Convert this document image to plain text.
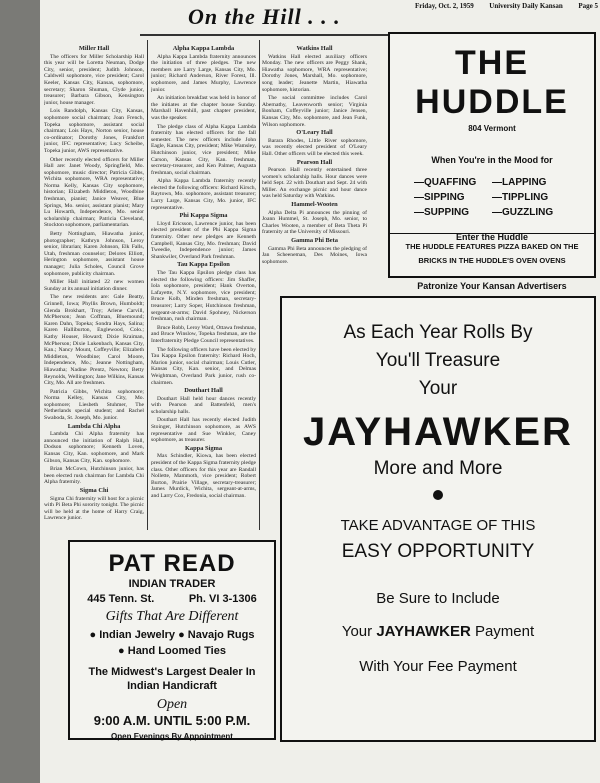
Friday, Oct. 2, 1959 University Daily Kansan Page 5
On the Hill . . .
Miller Hall

The officers for Miller Scholarship Hall this year will be Loretta Neuman, Dodge City, senior, president; Judith Johnson, Caldwell sophomore, vice president; Carol Keeler, Kansas City, Kansas, sophomore, secretary; Sharon Shuman, Clyde junior, treasurer; Barbara Gibson, Kensington junior, house manager.

Lois Randolph, Kansas City, Kansas, sophomore social chairman; Joan French, Topeka sophomore, assistant social chairman; Lois Hays, Norton senior, house co-ordinator; Dorothy Jones, Frankfort junior, IFC representative; Lucy Scheibe, Topeka junior, AWS representative.

Other recently elected officers for Miller Hall are: Janet Woody, Springfield, Mo. sophomore, music director; Patricia Gibbs, Wichita sophomore, WRA representative; Norma Kelly, Kansas City sophomore, historian; Elizabeth Middleton, Woodbine freshman, pianist; Janice Weaver, Blue Springs, Mo. senior, assistant pianist; Mary Lu Howarth, Independence, Mo. senior scholarship chairman; Patricia Cleveland, Stockton sophomore, parliamentarian.

Betty Nottingham, Hiawatha junior, photographer; Kathryn Johnson, Leroy senior, librarian; Karen Johnson, Elk Falls, Utah, freshman counselor; Delores Elliott, Herington sophomore, assistant house manager; Julia Scholes, Council Grove sophomore, publicity chairman.

Miller Hall initiated 22 new women Sunday at its annual initiation dinner.

The new residents are: Gale Beatty, Grinnell, Iowa; Phyllis Brown, Humboldt; Glenda Brokhart, Troy; Arlene Carvill, McPherson; Jean Coffman, Bluemound; Karen Dahn, Topeka; Sondra Hays, Salina; Karen Halliburton, Englewood, Colo.; Kathy Houser, Howard; Dixie Kraiman, McPherson; Dixie Lukenbach, Kansas City, Kan.; Nancy Mount, Coffeyville; Elizabeth Middleton, Woodbine; Carol Moore, Independence, Mo.; Jeanne Nottingham, Hiawatha; Nadine Prentz, Newton; Betty Reynolds, Wellington; Jane Wilkins, Kansas City, Mo. All are freshmen.

Patricia Gibbs, Wichita sophomore; Norma Kelley, Kansas City, Mo. sophomore; Liesbeth Stuhmer, The Netherlands special student; and Rachel Swaboda, St. Joseph, Mo. junior.

Lambda Chi Alpha

Lambda Chi Alpha fraternity has announced the initiation of Ralph Hall, Dodson sophomore; Kenneth Loven, Kansas City, Kan. sophomore, and Mark Gibson, Kansas City, Kan. sophomore.

Brian McCown, Hutchinson junior, has been elected rush chairman for Lambda Chi Alpha fraternity.

Sigma Chi

Sigma Chi fraternity will host for a picnic with Pi Beta Phi sorority tonight. The picnic will be held at the home of Harry Craig, Lawrence junior.

Alpha Kappa Lambda

Alpha Kappa Lambda fraternity announces the initiation of three pledges. The new members are Larry Large, Kansas City, Mo. junior; Richard Anderson, River Forest, Ill. sophomore, and James Murphy, Lawrence junior.

An initiation breakfast was held in honor of the initiates at the chapter house Sunday. Marshall Havenhill, past chapter president, was the speaker.

The pledge class of Alpha Kappa Lambda fraternity has elected officers for the fall semester. The new officers include John Eagle, Kansas City, president; Mike Wamsley, Hutchinson junior, vice president; Mike Carson, Kansas City, Kan. freshman, secretary-treasurer, and Ken Palmer, Augusta freshman, social chairman.

Alpha Kappa Lambda fraternity recently elected the following officers: Richard Kirsch, Raytown, Mo. sophomore, assistant treasurer; Larry Large, Kansas City, Mo. junior, IFC representative.

Phi Kappa Sigma

Lloyd Ericsson, Lawrence junior, has been elected president of the Phi Kappa Sigma fraternity. Other new pledges are Kenneth Campbell, Kansas City, Mo. freshman; David Tweedie, Independence junior; James Shankwiler, Overland Park freshman.

Tau Kappa Epsilon

The Tau Kappa Epsilon pledge class has elected the following officers: Jim Shaffer, Iola sophomore, president; Hank Overton, Lafayette, N.Y. sophomore, vice president; Bruce Kolb, Minden freshman, secretary-treasurer; Larry Soper, Hutchinson freshman, sergeant-at-arms; David Spohney, Nickerson freshman, rush chairman.

Bruce Robb, Leroy Ward, Ottawa freshman, and Bruce Winslow, Topeka freshman, are the Interfraternity Pledge Council representatives.

The following officers have been elected by Tau Kappa Epsilon fraternity: Richard Hoch, Marion junior, social chairman; Louis Cutler, Kansas City, Kan. senior, and Delmas Weightman, Overland Park junior, rush co-chairmen.

Douthart Hall

Douthart Hall held hour dances recently with Pearson and Battenfeld, men's scholarship halls.

Douthart Hall has recently elected Judith Stoinger, Hutchinson sophomore, as AWS representative and Sue Winkler, Caney sophomore, as treasurer.

Kappa Sigma

Max Schindler, Kiowa, has been elected president of the Kappa Sigma fraternity pledge class. Other officers for this year are Randall Nollette, Mammoth, vice president; Robert Burton, Prairie Village, secretary-treasurer; James Murdick, Wichita, sergeant-at-arms, and Larry Cox, Fredonia, social chairman.

Watkins Hall

Watkins Hall elected auxiliary officers Monday. The new officers are Peggy Shank, Hiawatha sophomore, WRA representative; Dorothy Jones, Marshall, Mo. sophomore, song leader; Jeanette Martin, Hiawatha sophomore, historian.

The social committee includes Carol Abernathy, Leavenworth senior; Virginia Bonham, Coffeyville junior; Janice Jensen, Kansas City, Mo. sophomore, and Jean Funk, Wilson sophomore.

O'Leary Hall

Barara Rhodes, Little River sophomore, was recently elected president of O'Leary Hall. Other officers will be elected this week.

Pearson Hall

Pearson Hall recently entertained three women's scholarship halls. Hour dances were held Sept. 22 with Douthart and Sept. 24 with Miller. An exchange picnic and hour dance was held Saturday with Watkins.

Hammel-Wooten

Alpha Delta Pi announces the pinning of Joann Hummel, St. Joseph, Mo. senior, to Charles Wooten, a member of Beta Theta Pi fraternity at the University of Missouri.

Gamma Phi Beta

Gamma Phi Beta announces the pledging of Jan Scheeneman, Des Moines, Iowa sophomore.

THE HUDDLE
804 Vermont
When You're in the Mood for
—QUAFFING	—LAPPING
—SIPPING	—TIPPLING
—SUPPING	—GUZZLING
Enter the Huddle
THE HUDDLE FEATURES PIZZA BAKED ON THE
BRICKS IN THE HUDDLE'S OVEN OVENS
Patronize Your Kansan Advertisers
As Each Year Rolls By
You'll Treasure
Your
JAYHAWKER
More and More
TAKE ADVANTAGE OF THIS
EASY OPPORTUNITY
Be Sure to Include
Your JAYHAWKER Payment
With Your Fee Payment
PAT READ
INDIAN TRADER
445 Tenn. St.	Ph. VI 3-1306
Gifts That Are Different
● Indian Jewelry ● Navajo Rugs
● Hand Loomed Ties
The Midwest's Largest Dealer In
Indian Handicraft
Open
9:00 A.M. UNTIL 5:00 P.M.
Open Evenings By Appointment
